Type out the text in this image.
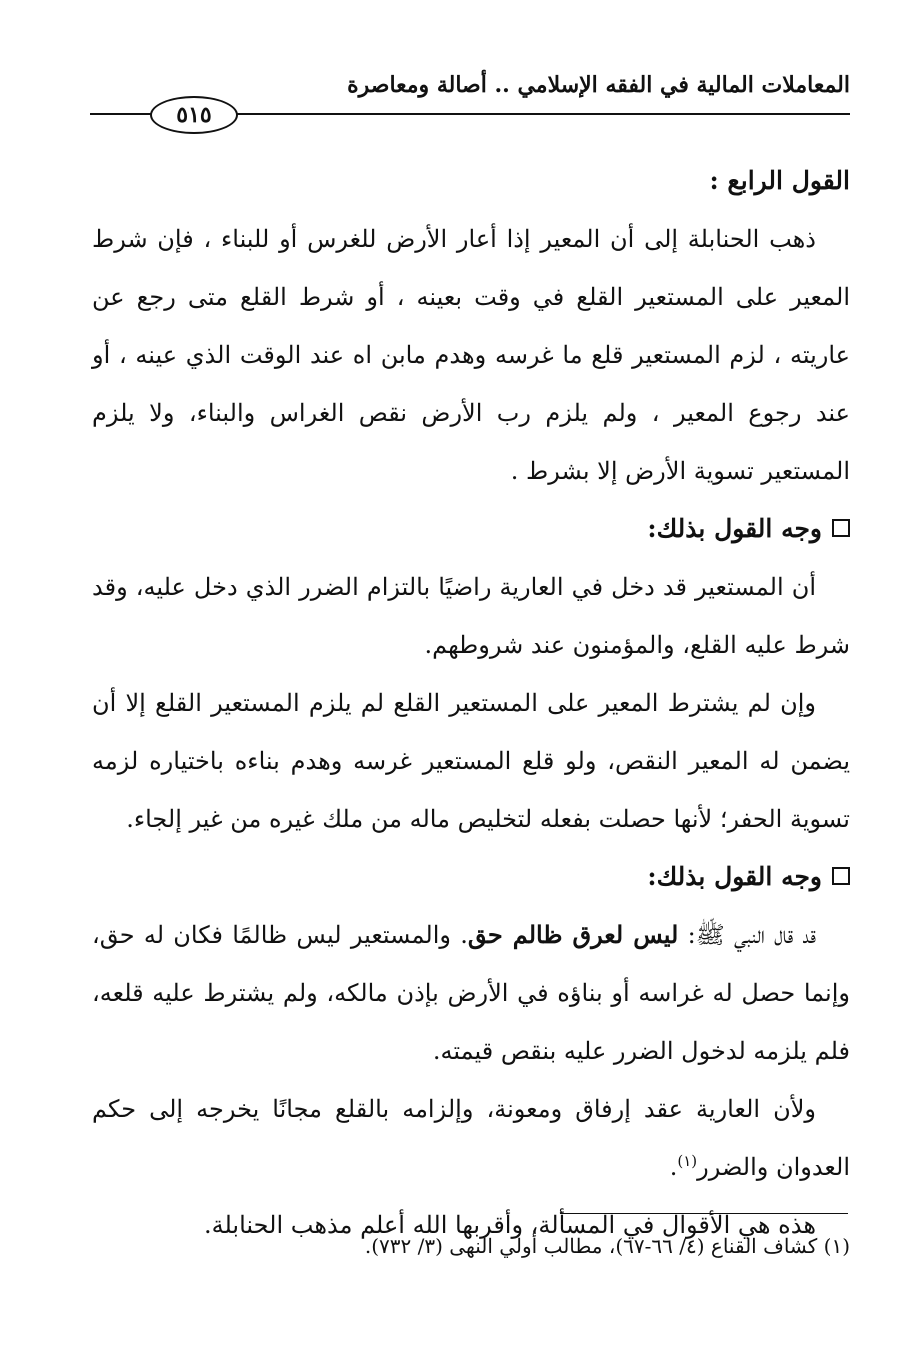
المعاملات المالية في الفقه الإسلامي .. أصالة ومعاصرة
٥١٥

القول الرابع :

ذهب الحنابلة إلى أن المعير إذا أعار الأرض للغرس أو للبناء ، فإن شرط المعير على المستعير القلع في وقت بعينه ، أو شرط القلع متى رجع عن عاريته ، لزم المستعير قلع ما غرسه وهدم مابن اه عند الوقت الذي عينه ، أو عند رجوع المعير ، ولم يلزم رب الأرض نقص الغراس والبناء، ولا يلزم المستعير تسوية الأرض إلا بشرط .

وجه القول بذلك:

أن المستعير قد دخل في العارية راضيًا بالتزام الضرر الذي دخل عليه، وقد شرط عليه القلع، والمؤمنون عند شروطهم.

وإن لم يشترط المعير على المستعير القلع لم يلزم المستعير القلع إلا أن يضمن له المعير النقص، ولو قلع المستعير غرسه وهدم بناءه باختياره لزمه تسوية الحفر؛ لأنها حصلت بفعله لتخليص ماله من ملك غيره من غير إلجاء.

وجه القول بذلك:

قد قال النبي ﷺ: ليس لعرق ظالم حق. والمستعير ليس ظالمًا فكان له حق، وإنما حصل له غراسه أو بناؤه في الأرض بإذن مالكه، ولم يشترط عليه قلعه، فلم يلزمه لدخول الضرر عليه بنقص قيمته.

ولأن العارية عقد إرفاق ومعونة، وإلزامه بالقلع مجانًا يخرجه إلى حكم العدوان والضرر$^{(١)}$.

هذه هي الأقوال في المسألة، وأقربها الله أعلم مذهب الحنابلة.

(١) كشاف القناع (٤/ ٦٦-٦٧)، مطالب أولي النهى (٣/ ٧٣٢).
